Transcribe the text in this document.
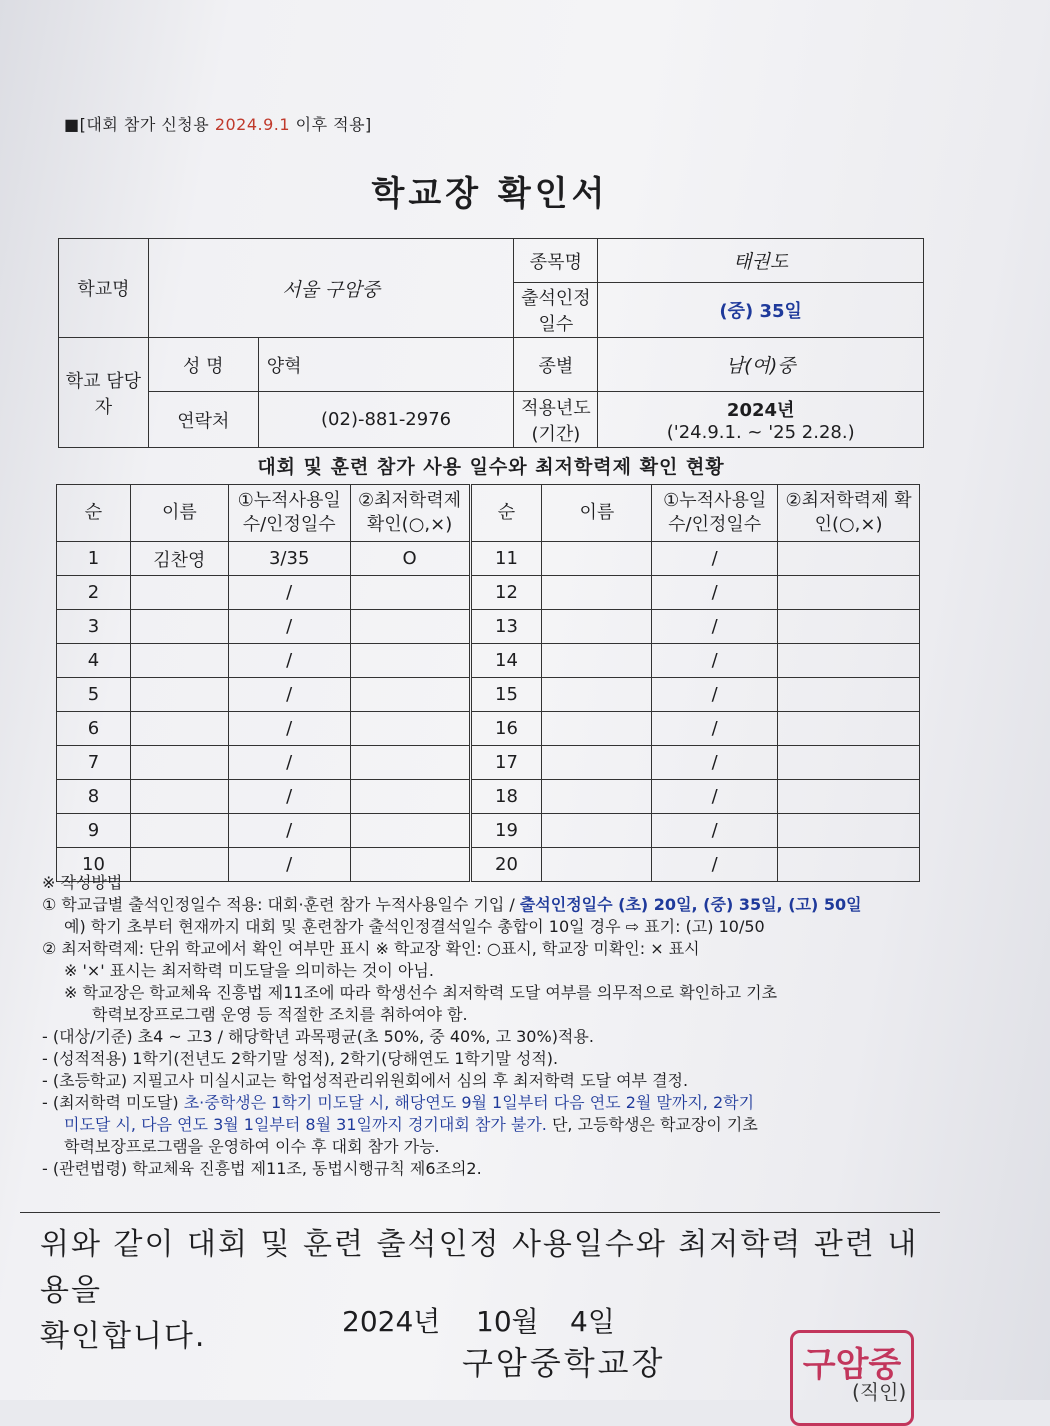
■[대회 참가 신청용 2024.9.1 이후 적용]
학교장 확인서
학교명	서울 구암중		종목명	태권도
			출석인정 일수	(중) 35일
학교 담당자	성 명	양혁	종별	남(여)중
	연락처	(02)-881-2976	적용년도 (기간)	2024년
('24.9.1. ~ '25 2.28.)
대회 및 훈련 참가 사용 일수와 최저학력제 확인 현황
순	이름	①누적사용일수/인정일수	②최저학력제 확인(○,×)	순	이름	①누적사용일수/인정일수	②최저학력제 확인(○,×)
1	김찬영	3/35	O	11		/	
2		/		12		/	
3		/		13		/	
4		/		14		/	
5		/		15		/	
6		/		16		/	
7		/		17		/	
8		/		18		/	
9		/		19		/	
10		/		20		/	
※ 작성방법
① 학교급별 출석인정일수 적용: 대회·훈련 참가 누적사용일수 기입 / 출석인정일수 (초) 20일, (중) 35일, (고) 50일
예) 학기 초부터 현재까지 대회 및 훈련참가 출석인정결석일수 총합이 10일 경우 ⇨ 표기: (고) 10/50
② 최저학력제: 단위 학교에서 확인 여부만 표시 ※ 학교장 확인: ○표시, 학교장 미확인: × 표시
※ '×' 표시는 최저학력 미도달을 의미하는 것이 아님.
※ 학교장은 학교체육 진흥법 제11조에 따라 학생선수 최저학력 도달 여부를 의무적으로 확인하고 기초
학력보장프로그램 운영 등 적절한 조치를 취하여야 함.
- (대상/기준) 초4 ~ 고3 / 해당학년 과목평균(초 50%, 중 40%, 고 30%)적용.
- (성적적용) 1학기(전년도 2학기말 성적), 2학기(당해연도 1학기말 성적).
- (초등학교) 지필고사 미실시교는 학업성적관리위원회에서 심의 후 최저학력 도달 여부 결정.
- (최저학력 미도달) 초·중학생은 1학기 미도달 시, 해당연도 9월 1일부터 다음 연도 2월 말까지, 2학기
미도달 시, 다음 연도 3월 1일부터 8월 31일까지 경기대회 참가 불가. 단, 고등학생은 학교장이 기초
학력보장프로그램을 운영하여 이수 후 대회 참가 가능.
- (관련법령) 학교체육 진흥법 제11조, 동법시행규칙 제6조의2.
위와 같이 대회 및 훈련 출석인정 사용일수와 최저학력 관련 내용을
확인합니다.	2024년 10월 4일
구암중학교장	구암중
(직인)
